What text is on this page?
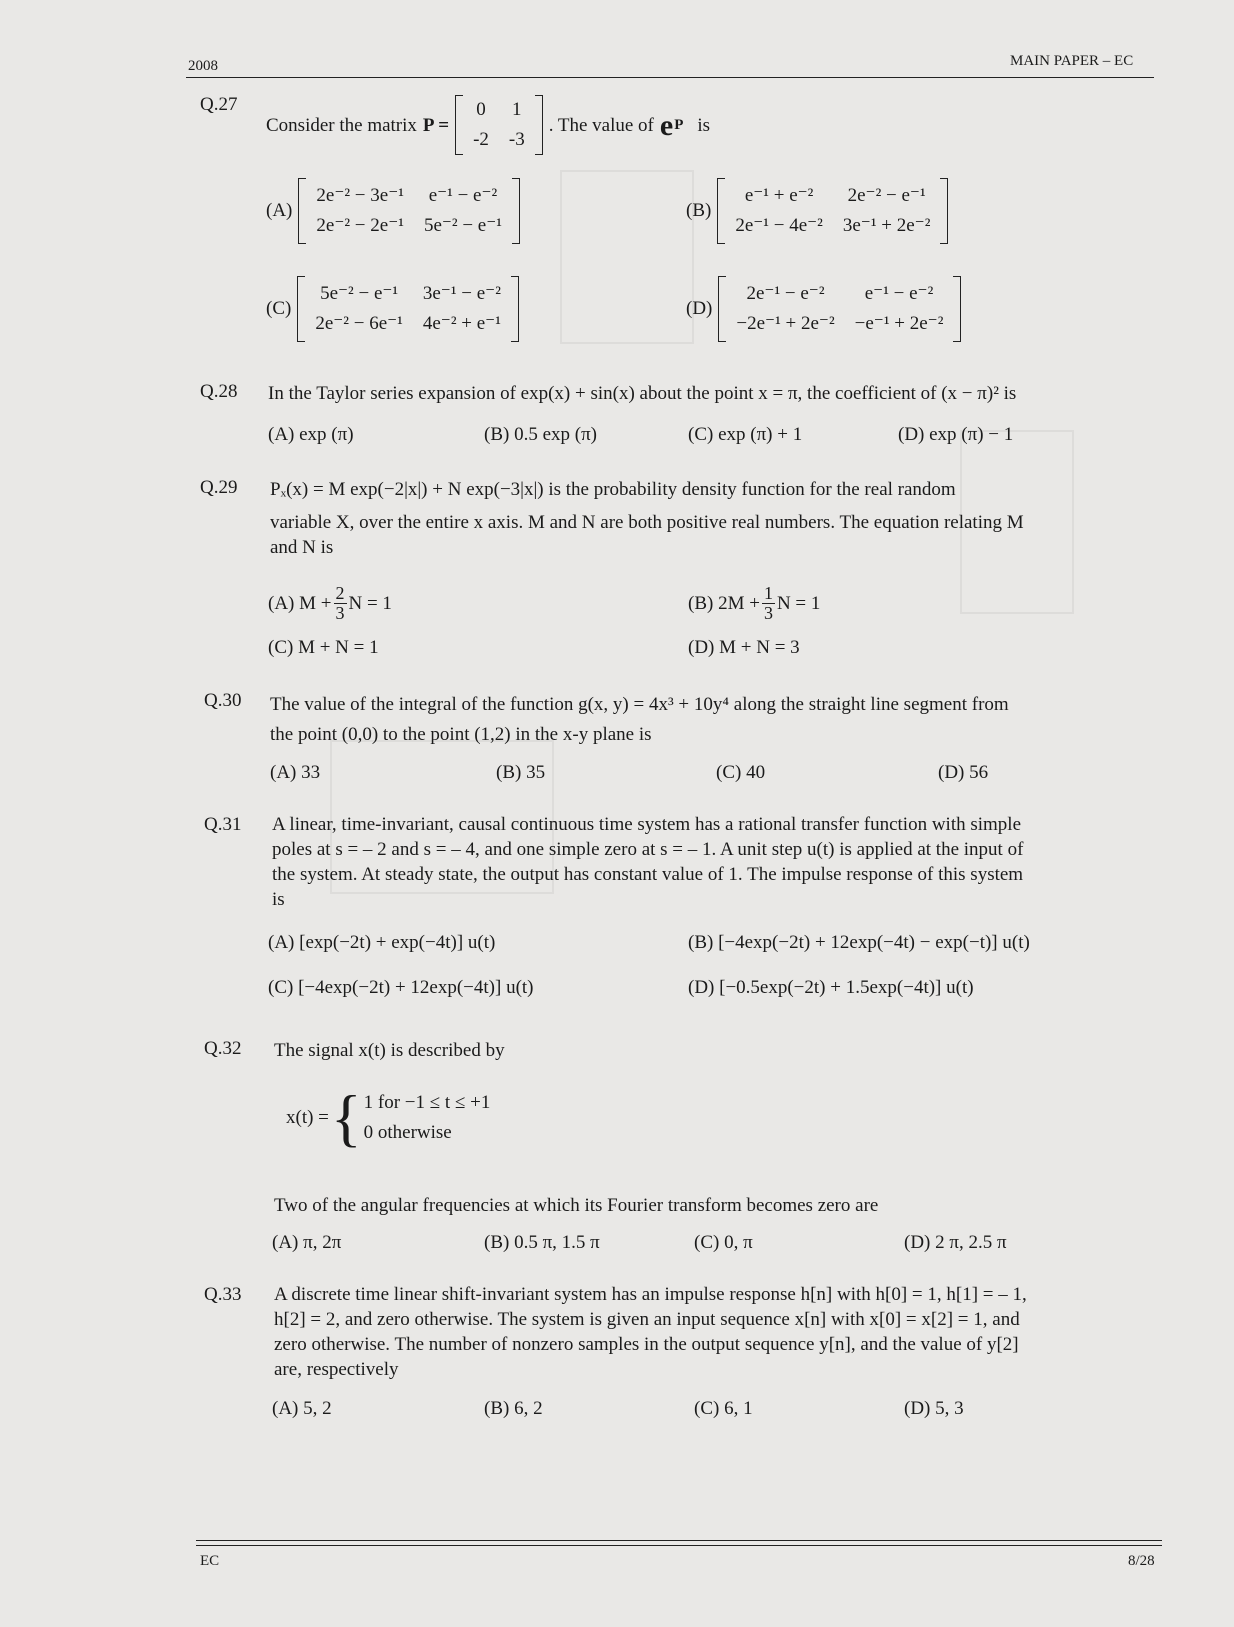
2008	MAIN PAPER – EC
Q.27
Consider the matrix P =
0	1
-2	-3
. The value of e P is
(A)
2e⁻² − 3e⁻¹	e⁻¹ − e⁻²
2e⁻² − 2e⁻¹	5e⁻² − e⁻¹
(B)
e⁻¹ + e⁻²	2e⁻² − e⁻¹
2e⁻¹ − 4e⁻²	3e⁻¹ + 2e⁻²
(C)
5e⁻² − e⁻¹	3e⁻¹ − e⁻²
2e⁻² − 6e⁻¹	4e⁻² + e⁻¹
(D)
2e⁻¹ − e⁻²	e⁻¹ − e⁻²
−2e⁻¹ + 2e⁻²	−e⁻¹ + 2e⁻²
Q.28 In the Taylor series expansion of exp(x) + sin(x) about the point x = π, the coefficient of (x − π)² is
(A) exp (π)	(B) 0.5 exp (π)	(C) exp (π) + 1	(D) exp (π) − 1
Q.29 Pₓ(x) = M exp(−2|x|) + N exp(−3|x|) is the probability density function for the real random
variable X, over the entire x axis. M and N are both positive real numbers. The equation relating M
and N is
(A) $M + \frac{2}{3}$ N = 1	(B) $2M + \frac{1}{3}$ N = 1
(C) M + N = 1	(D) M + N = 3
Q.30 The value of the integral of the function g(x, y) = 4x³ + 10y⁴ along the straight line segment from
the point (0,0) to the point (1,2) in the x-y plane is
(A) 33	(B) 35	(C) 40	(D) 56
Q.31 A linear, time-invariant, causal continuous time system has a rational transfer function with simple
poles at s = – 2 and s = – 4, and one simple zero at s = – 1. A unit step u(t) is applied at the input of
the system. At steady state, the output has constant value of 1. The impulse response of this system
is
(A) [exp(−2t) + exp(−4t)] u(t)	(B) [−4exp(−2t) + 12exp(−4t) − exp(−t)] u(t)
(C) [−4exp(−2t) + 12exp(−4t)] u(t)	(D) [−0.5exp(−2t) + 1.5exp(−4t)] u(t)
Q.32 The signal x(t) is described by
x(t) = { 1 for −1 ≤ t ≤ +1
0 otherwise
Two of the angular frequencies at which its Fourier transform becomes zero are
(A) π, 2π	(B) 0.5 π, 1.5 π	(C) 0, π	(D) 2 π, 2.5 π
Q.33 A discrete time linear shift-invariant system has an impulse response h[n] with h[0] = 1, h[1] = – 1,
h[2] = 2, and zero otherwise. The system is given an input sequence x[n] with x[0] = x[2] = 1, and
zero otherwise. The number of nonzero samples in the output sequence y[n], and the value of y[2]
are, respectively
(A) 5, 2	(B) 6, 2	(C) 6, 1	(D) 5, 3
EC	8/28
